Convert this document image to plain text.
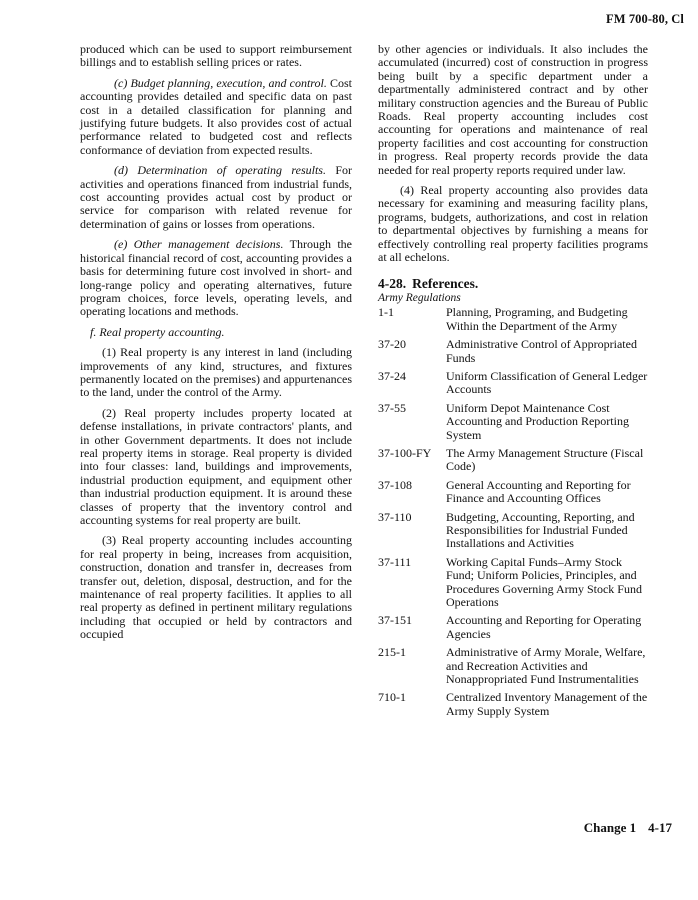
FM 700-80, Cl

produced which can be used to support reimbursement billings and to establish selling prices or rates.

(c) Budget planning, execution, and control. Cost accounting provides detailed and specific data on past cost in a detailed classification for planning and justifying future budgets. It also provides cost of actual performance related to budgeted cost and reflects conformance of deviation from expected results.

(d) Determination of operating results. For activities and operations financed from industrial funds, cost accounting provides actual cost by product or service for comparison with related revenue for determination of gains or losses from operations.

(e) Other management decisions. Through the historical financial record of cost, accounting provides a basis for determining future cost involved in short- and long-range policy and operating alternatives, future program choices, force levels, operating levels, and operating locations and methods.

f. Real property accounting.

(1) Real property is any interest in land (including improvements of any kind, structures, and fixtures permanently located on the premises) and appurtenances to the land, under the control of the Army.

(2) Real property includes property located at defense installations, in private contractors' plants, and in other Government departments. It does not include real property items in storage. Real property is divided into four classes: land, buildings and improvements, industrial production equipment, and equipment other than industrial production equipment. It is around these classes of property that the inventory control and accounting systems for real property are built.

(3) Real property accounting includes accounting for real property in being, increases from acquisition, construction, donation and transfer in, decreases from transfer out, deletion, disposal, destruction, and for the maintenance of real property facilities. It applies to all real property as defined in pertinent military regulations including that occupied or held by contractors and occupied

by other agencies or individuals. It also includes the accumulated (incurred) cost of construction in progress being built by a specific department under a departmentally administered contract and by other military construction agencies and the Bureau of Public Roads. Real property accounting includes cost accounting for operations and maintenance of real property facilities and cost accounting for construction in progress. Real property records provide the data needed for real property reports required under law.

(4) Real property accounting also provides data necessary for examining and measuring facility plans, programs, budgets, authorizations, and cost in relation to departmental objectives by furnishing a means for effectively controlling real property facilities programs at all echelons.

4-28. References.
Army Regulations
1-1	Planning, Programing, and Budgeting Within the Department of the Army
37-20	Administrative Control of Appropriated Funds
37-24	Uniform Classification of General Ledger Accounts
37-55	Uniform Depot Maintenance Cost Accounting and Production Reporting System
37-100-FY	The Army Management Structure (Fiscal Code)
37-108	General Accounting and Reporting for Finance and Accounting Offices
37-110	Budgeting, Accounting, Reporting, and Responsibilities for Industrial Funded Installations and Activities
37-111	Working Capital Funds–Army Stock Fund; Uniform Policies, Principles, and Procedures Governing Army Stock Fund Operations
37-151	Accounting and Reporting for Operating Agencies
215-1	Administrative of Army Morale, Welfare, and Recreation Activities and Nonappropriated Fund Instrumentalities
710-1	Centralized Inventory Management of the Army Supply System
Change 1 4-17
